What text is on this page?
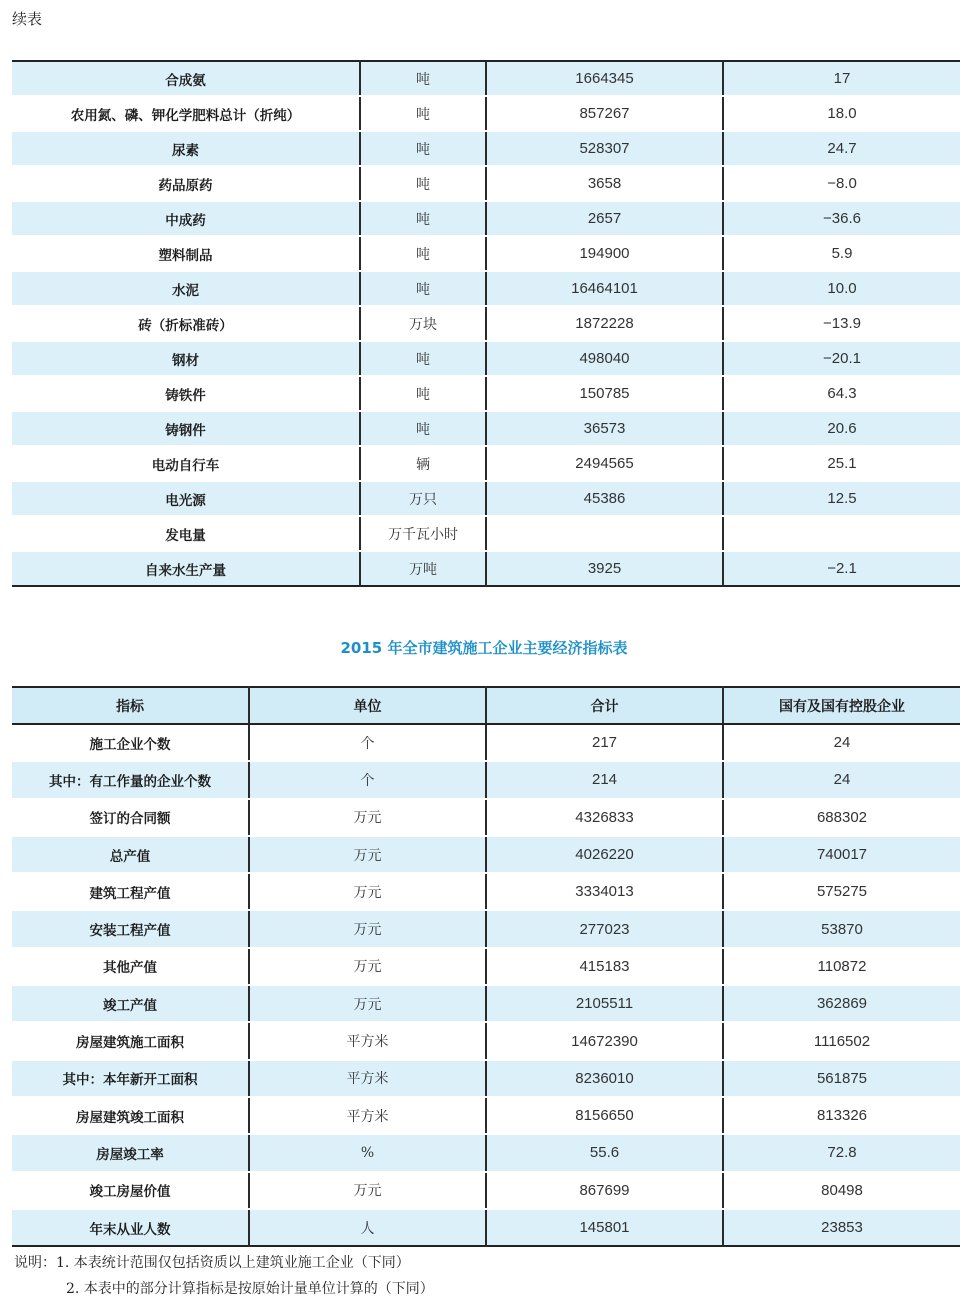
续表
合成氨	吨	1664345	17
农用氮、磷、钾化学肥料总计（折纯）	吨	857267	18.0
尿素	吨	528307	24.7
药品原药	吨	3658	−8.0
中成药	吨	2657	−36.6
塑料制品	吨	194900	5.9
水泥	吨	16464101	10.0
砖（折标准砖）	万块	1872228	−13.9
钢材	吨	498040	−20.1
铸铁件	吨	150785	64.3
铸钢件	吨	36573	20.6
电动自行车	辆	2494565	25.1
电光源	万只	45386	12.5
发电量	万千瓦小时		
自来水生产量	万吨	3925	−2.1
2015 年全市建筑施工企业主要经济指标表
指标	单位	合计	国有及国有控股企业
施工企业个数	个	217	24
其中：有工作量的企业个数	个	214	24
签订的合同额	万元	4326833	688302
总产值	万元	4026220	740017
建筑工程产值	万元	3334013	575275
安装工程产值	万元	277023	53870
其他产值	万元	415183	110872
竣工产值	万元	2105511	362869
房屋建筑施工面积	平方米	14672390	1116502
其中：本年新开工面积	平方米	8236010	561875
房屋建筑竣工面积	平方米	8156650	813326
房屋竣工率	%	55.6	72.8
竣工房屋价值	万元	867699	80498
年末从业人数	人	145801	23853
说明：1. 本表统计范围仅包括资质以上建筑业施工企业（下同）
2. 本表中的部分计算指标是按原始计量单位计算的（下同）
